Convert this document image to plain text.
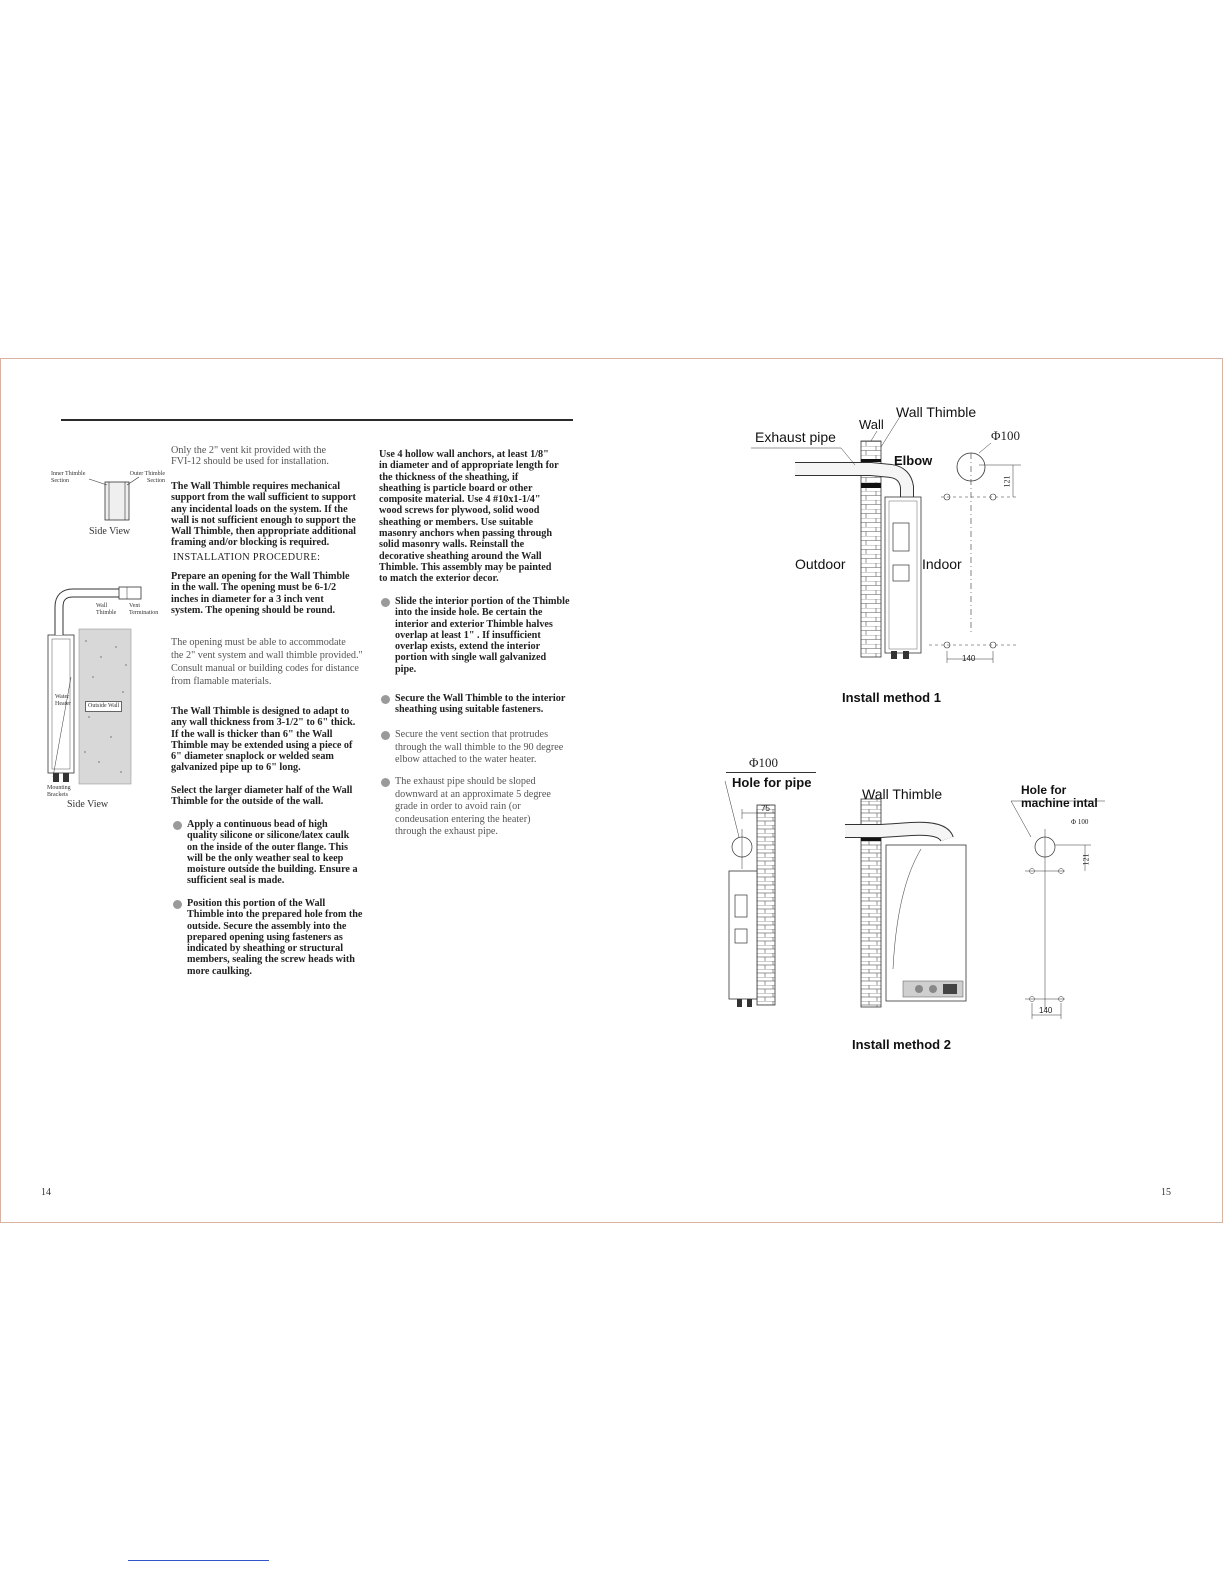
Inner Thimble
Section
Outer Thimble
Section
Side View
Wall
Thimble
Vent
Termination
Water
Heater	Outside Wall
Mounting
Brackets
Side View
Only the 2" vent kit provided with the
FVI-12 should be used for installation.
The Wall Thimble requires mechanical
support from the wall sufficient to support
any incidental loads on the system. If the
wall is not sufficient enough to support the
Wall Thimble, then appropriate additional
framing and/or blocking is required.
INSTALLATION PROCEDURE:
Prepare an opening for the Wall Thimble
in the wall. The opening must be 6-1/2
inches in diameter for a 3 inch vent
system. The opening should be round.
The opening must be able to accommodate
the 2" vent system and wall thimble provided."
Consult manual or building codes for distance
from flamable materials.
The Wall Thimble is designed to adapt to
any wall thickness from 3-1/2" to 6" thick.
If the wall is thicker than 6" the Wall
Thimble may be extended using a piece of
6" diameter snaplock or welded seam
galvanized pipe up to 6" long.
Select the larger diameter half of the Wall
Thimble for the outside of the wall.
Apply a continuous bead of high
quality silicone or silicone/latex caulk
on the inside of the outer flange. This
will be the only weather seal to keep
moisture outside the building. Ensure a
sufficient seal is made.
Position this portion of the Wall
Thimble into the prepared hole from the
outside. Secure the assembly into the
prepared opening using fasteners as
indicated by sheathing or structural
members, sealing the screw heads with
more caulking.
Use 4 hollow wall anchors, at least 1/8"
in diameter and of appropriate length for
the thickness of the sheathing, if
sheathing is particle board or other
composite material. Use 4 #10x1-1/4"
wood screws for plywood, solid wood
sheathing or members. Use suitable
masonry anchors when passing through
solid masonry walls. Reinstall the
decorative sheathing around the Wall
Thimble. This assembly may be painted
to match the exterior decor.
Slide the interior portion of the Thimble
into the inside hole. Be certain the
interior and exterior Thimble halves
overlap at least 1" . If insufficient
overlap exists, extend the interior
portion with single wall galvanized
pipe.
Secure the Wall Thimble to the interior
sheathing using suitable fasteners.
Secure the vent section that protrudes
through the wall thimble to the 90 degree
elbow attached to the water heater.
The exhaust pipe should be sloped
downward at an approximate 5 degree
grade in order to avoid rain (or
condeusation entering the heater)
through the exhaust pipe.
14
Wall Thimble
Wall
Exhaust pipe	Φ100
Elbow
121
Outdoor	Indoor
140
Install method 1
Φ100
Hole for pipe
75
Wall Thimble	Hole for
machine intal
Φ 100
121
140
Install method 2
15
